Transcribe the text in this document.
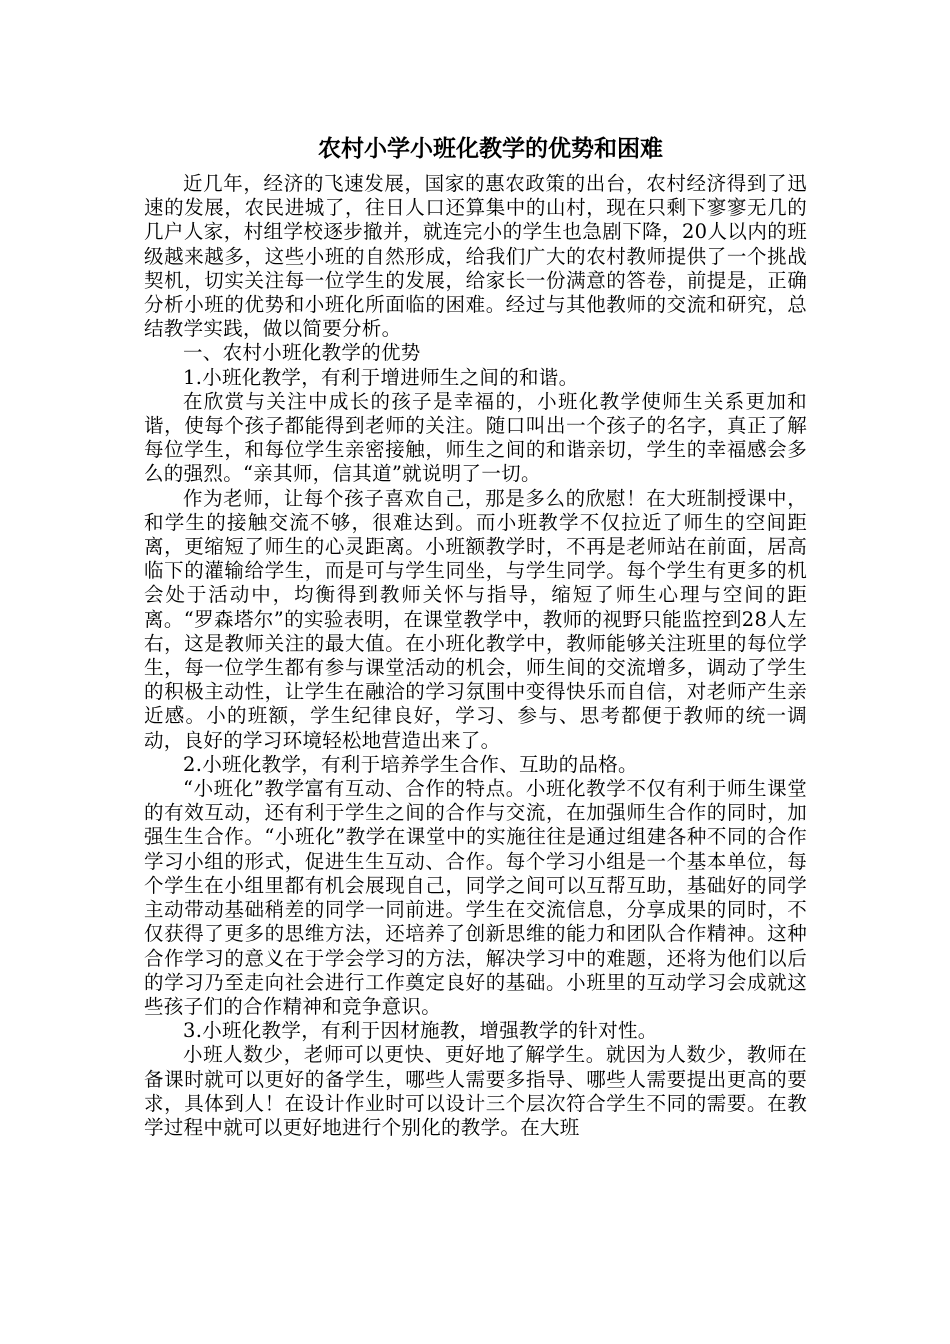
农村小学小班化教学的优势和困难

近几年，经济的飞速发展，国家的惠农政策的出台，农村经济得到了迅速的发展，农民进城了，往日人口还算集中的山村，现在只剩下寥寥无几的几户人家，村组学校逐步撤并，就连完小的学生也急剧下降，20人以内的班级越来越多，这些小班的自然形成，给我们广大的农村教师提供了一个挑战契机，切实关注每一位学生的发展，给家长一份满意的答卷，前提是，正确分析小班的优势和小班化所面临的困难。经过与其他教师的交流和研究，总结教学实践，做以简要分析。

一、农村小班化教学的优势

1.小班化教学，有利于增进师生之间的和谐。

在欣赏与关注中成长的孩子是幸福的，小班化教学使师生关系更加和谐，使每个孩子都能得到老师的关注。随口叫出一个孩子的名字，真正了解每位学生，和每位学生亲密接触，师生之间的和谐亲切，学生的幸福感会多么的强烈。“亲其师，信其道”就说明了一切。

作为老师，让每个孩子喜欢自己，那是多么的欣慰！在大班制授课中，和学生的接触交流不够，很难达到。而小班教学不仅拉近了师生的空间距离，更缩短了师生的心灵距离。小班额教学时，不再是老师站在前面，居高临下的灌输给学生，而是可与学生同坐，与学生同学。每个学生有更多的机会处于活动中，均衡得到教师关怀与指导，缩短了师生心理与空间的距离。“罗森塔尔”的实验表明，在课堂教学中，教师的视野只能监控到28人左右，这是教师关注的最大值。在小班化教学中，教师能够关注班里的每位学生，每一位学生都有参与课堂活动的机会，师生间的交流增多，调动了学生的积极主动性，让学生在融洽的学习氛围中变得快乐而自信，对老师产生亲近感。小的班额，学生纪律良好，学习、参与、思考都便于教师的统一调动，良好的学习环境轻松地营造出来了。

2.小班化教学，有利于培养学生合作、互助的品格。

“小班化”教学富有互动、合作的特点。小班化教学不仅有利于师生课堂的有效互动，还有利于学生之间的合作与交流，在加强师生合作的同时，加强生生合作。“小班化”教学在课堂中的实施往往是通过组建各种不同的合作学习小组的形式，促进生生互动、合作。每个学习小组是一个基本单位，每个学生在小组里都有机会展现自己，同学之间可以互帮互助，基础好的同学主动带动基础稍差的同学一同前进。学生在交流信息，分享成果的同时，不仅获得了更多的思维方法，还培养了创新思维的能力和团队合作精神。这种合作学习的意义在于学会学习的方法，解决学习中的难题，还将为他们以后的学习乃至走向社会进行工作奠定良好的基础。小班里的互动学习会成就这些孩子们的合作精神和竞争意识。

3.小班化教学，有利于因材施教，增强教学的针对性。

小班人数少，老师可以更快、更好地了解学生。就因为人数少，教师在备课时就可以更好的备学生，哪些人需要多指导、哪些人需要提出更高的要求，具体到人！在设计作业时可以设计三个层次符合学生不同的需要。在教学过程中就可以更好地进行个别化的教学。在大班
